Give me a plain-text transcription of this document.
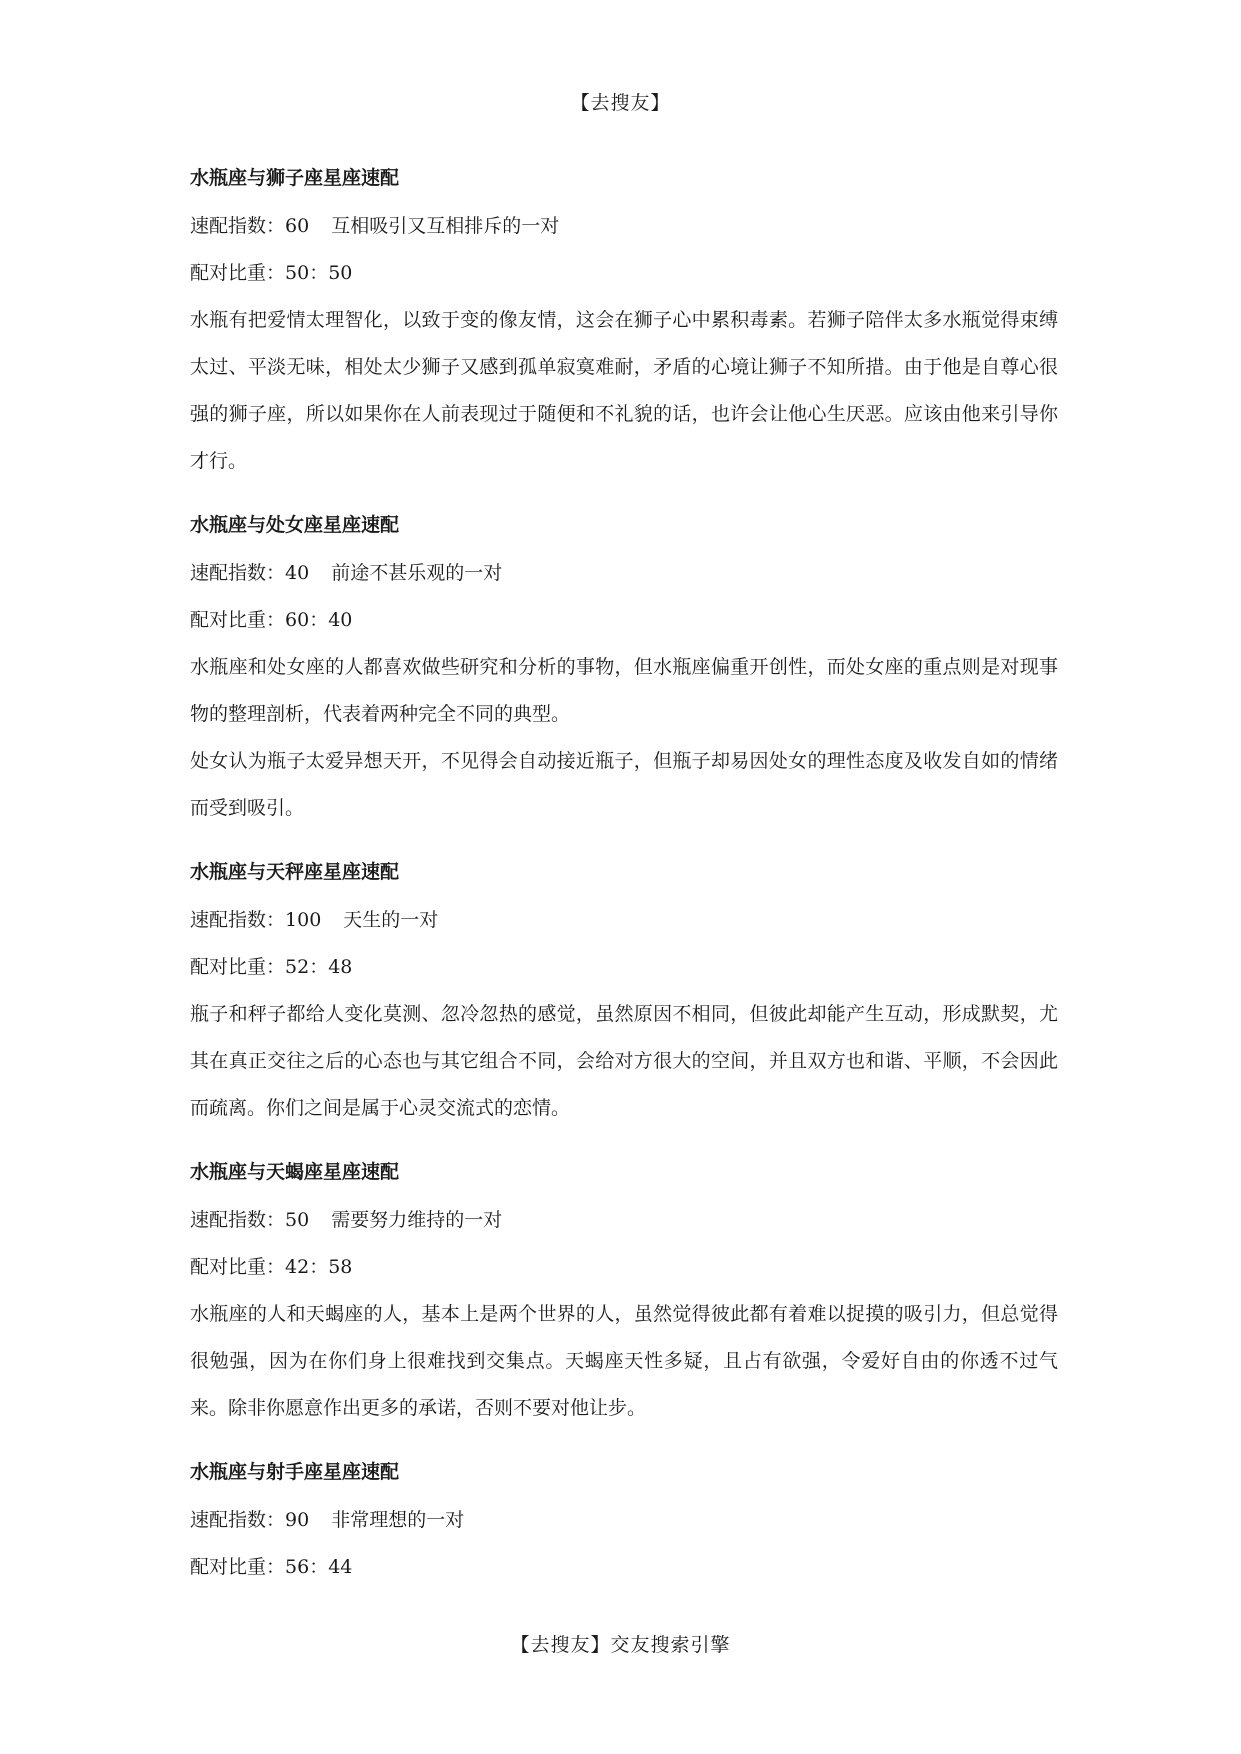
【去搜友】

水瓶座与狮子座星座速配

速配指数：60 互相吸引又互相排斥的一对

配对比重：50：50

水瓶有把爱情太理智化，以致于变的像友情，这会在狮子心中累积毒素。若狮子陪伴太多水瓶觉得束缚太过、平淡无味，相处太少狮子又感到孤单寂寞难耐，矛盾的心境让狮子不知所措。由于他是自尊心很强的狮子座，所以如果你在人前表现过于随便和不礼貌的话，也许会让他心生厌恶。应该由他来引导你才行。

水瓶座与处女座星座速配

速配指数：40 前途不甚乐观的一对

配对比重：60：40

水瓶座和处女座的人都喜欢做些研究和分析的事物，但水瓶座偏重开创性，而处女座的重点则是对现事物的整理剖析，代表着两种完全不同的典型。

处女认为瓶子太爱异想天开，不见得会自动接近瓶子，但瓶子却易因处女的理性态度及收发自如的情绪而受到吸引。

水瓶座与天秤座星座速配

速配指数：100 天生的一对

配对比重：52：48

瓶子和秤子都给人变化莫测、忽冷忽热的感觉，虽然原因不相同，但彼此却能产生互动，形成默契，尤其在真正交往之后的心态也与其它组合不同，会给对方很大的空间，并且双方也和谐、平顺，不会因此而疏离。你们之间是属于心灵交流式的恋情。

水瓶座与天蝎座星座速配

速配指数：50 需要努力维持的一对

配对比重：42：58

水瓶座的人和天蝎座的人，基本上是两个世界的人，虽然觉得彼此都有着难以捉摸的吸引力，但总觉得很勉强，因为在你们身上很难找到交集点。天蝎座天性多疑，且占有欲强，令爱好自由的你透不过气来。除非你愿意作出更多的承诺，否则不要对他让步。

水瓶座与射手座星座速配

速配指数：90 非常理想的一对

配对比重：56：44

【去搜友】交友搜索引擎
